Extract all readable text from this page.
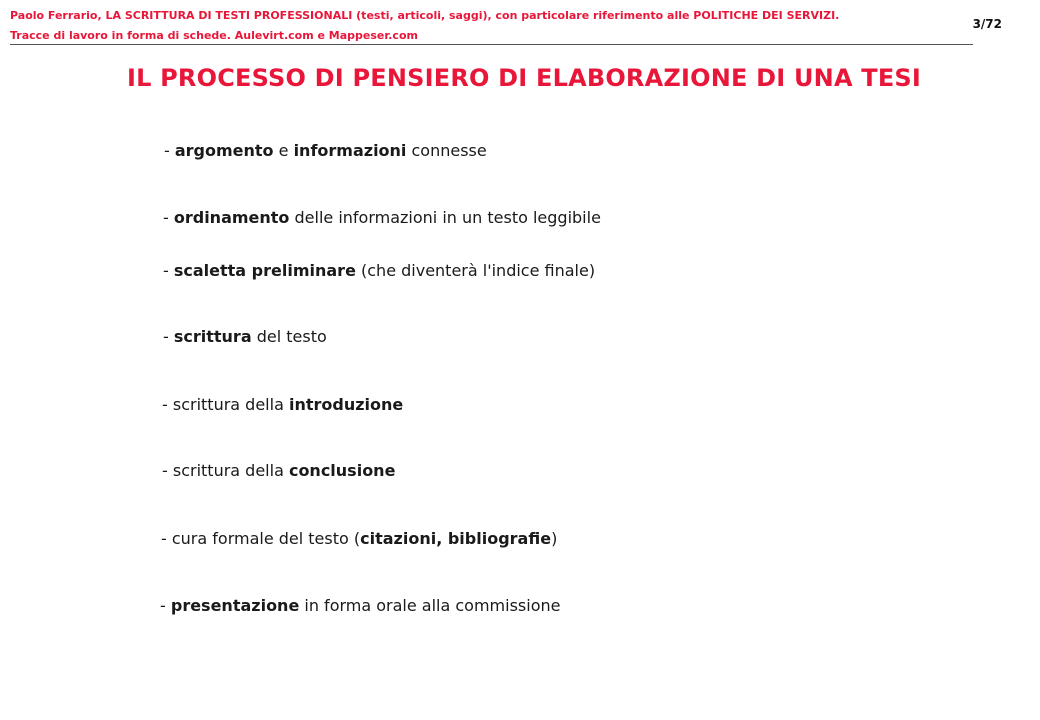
Paolo Ferrario, LA SCRITTURA DI TESTI PROFESSIONALI (testi, articoli, saggi), con particolare riferimento alle POLITICHE DEI SERVIZI.
Tracce di lavoro in forma di schede. Aulevirt.com e Mappeser.com
3/72
IL PROCESSO DI PENSIERO DI ELABORAZIONE DI UNA TESI
- argomento e informazioni connesse
- ordinamento delle informazioni in un testo leggibile
- scaletta preliminare (che diventerà l'indice finale)
- scrittura del testo
- scrittura della introduzione
- scrittura della conclusione
- cura formale del testo (citazioni, bibliografie)
- presentazione in forma orale alla commissione
